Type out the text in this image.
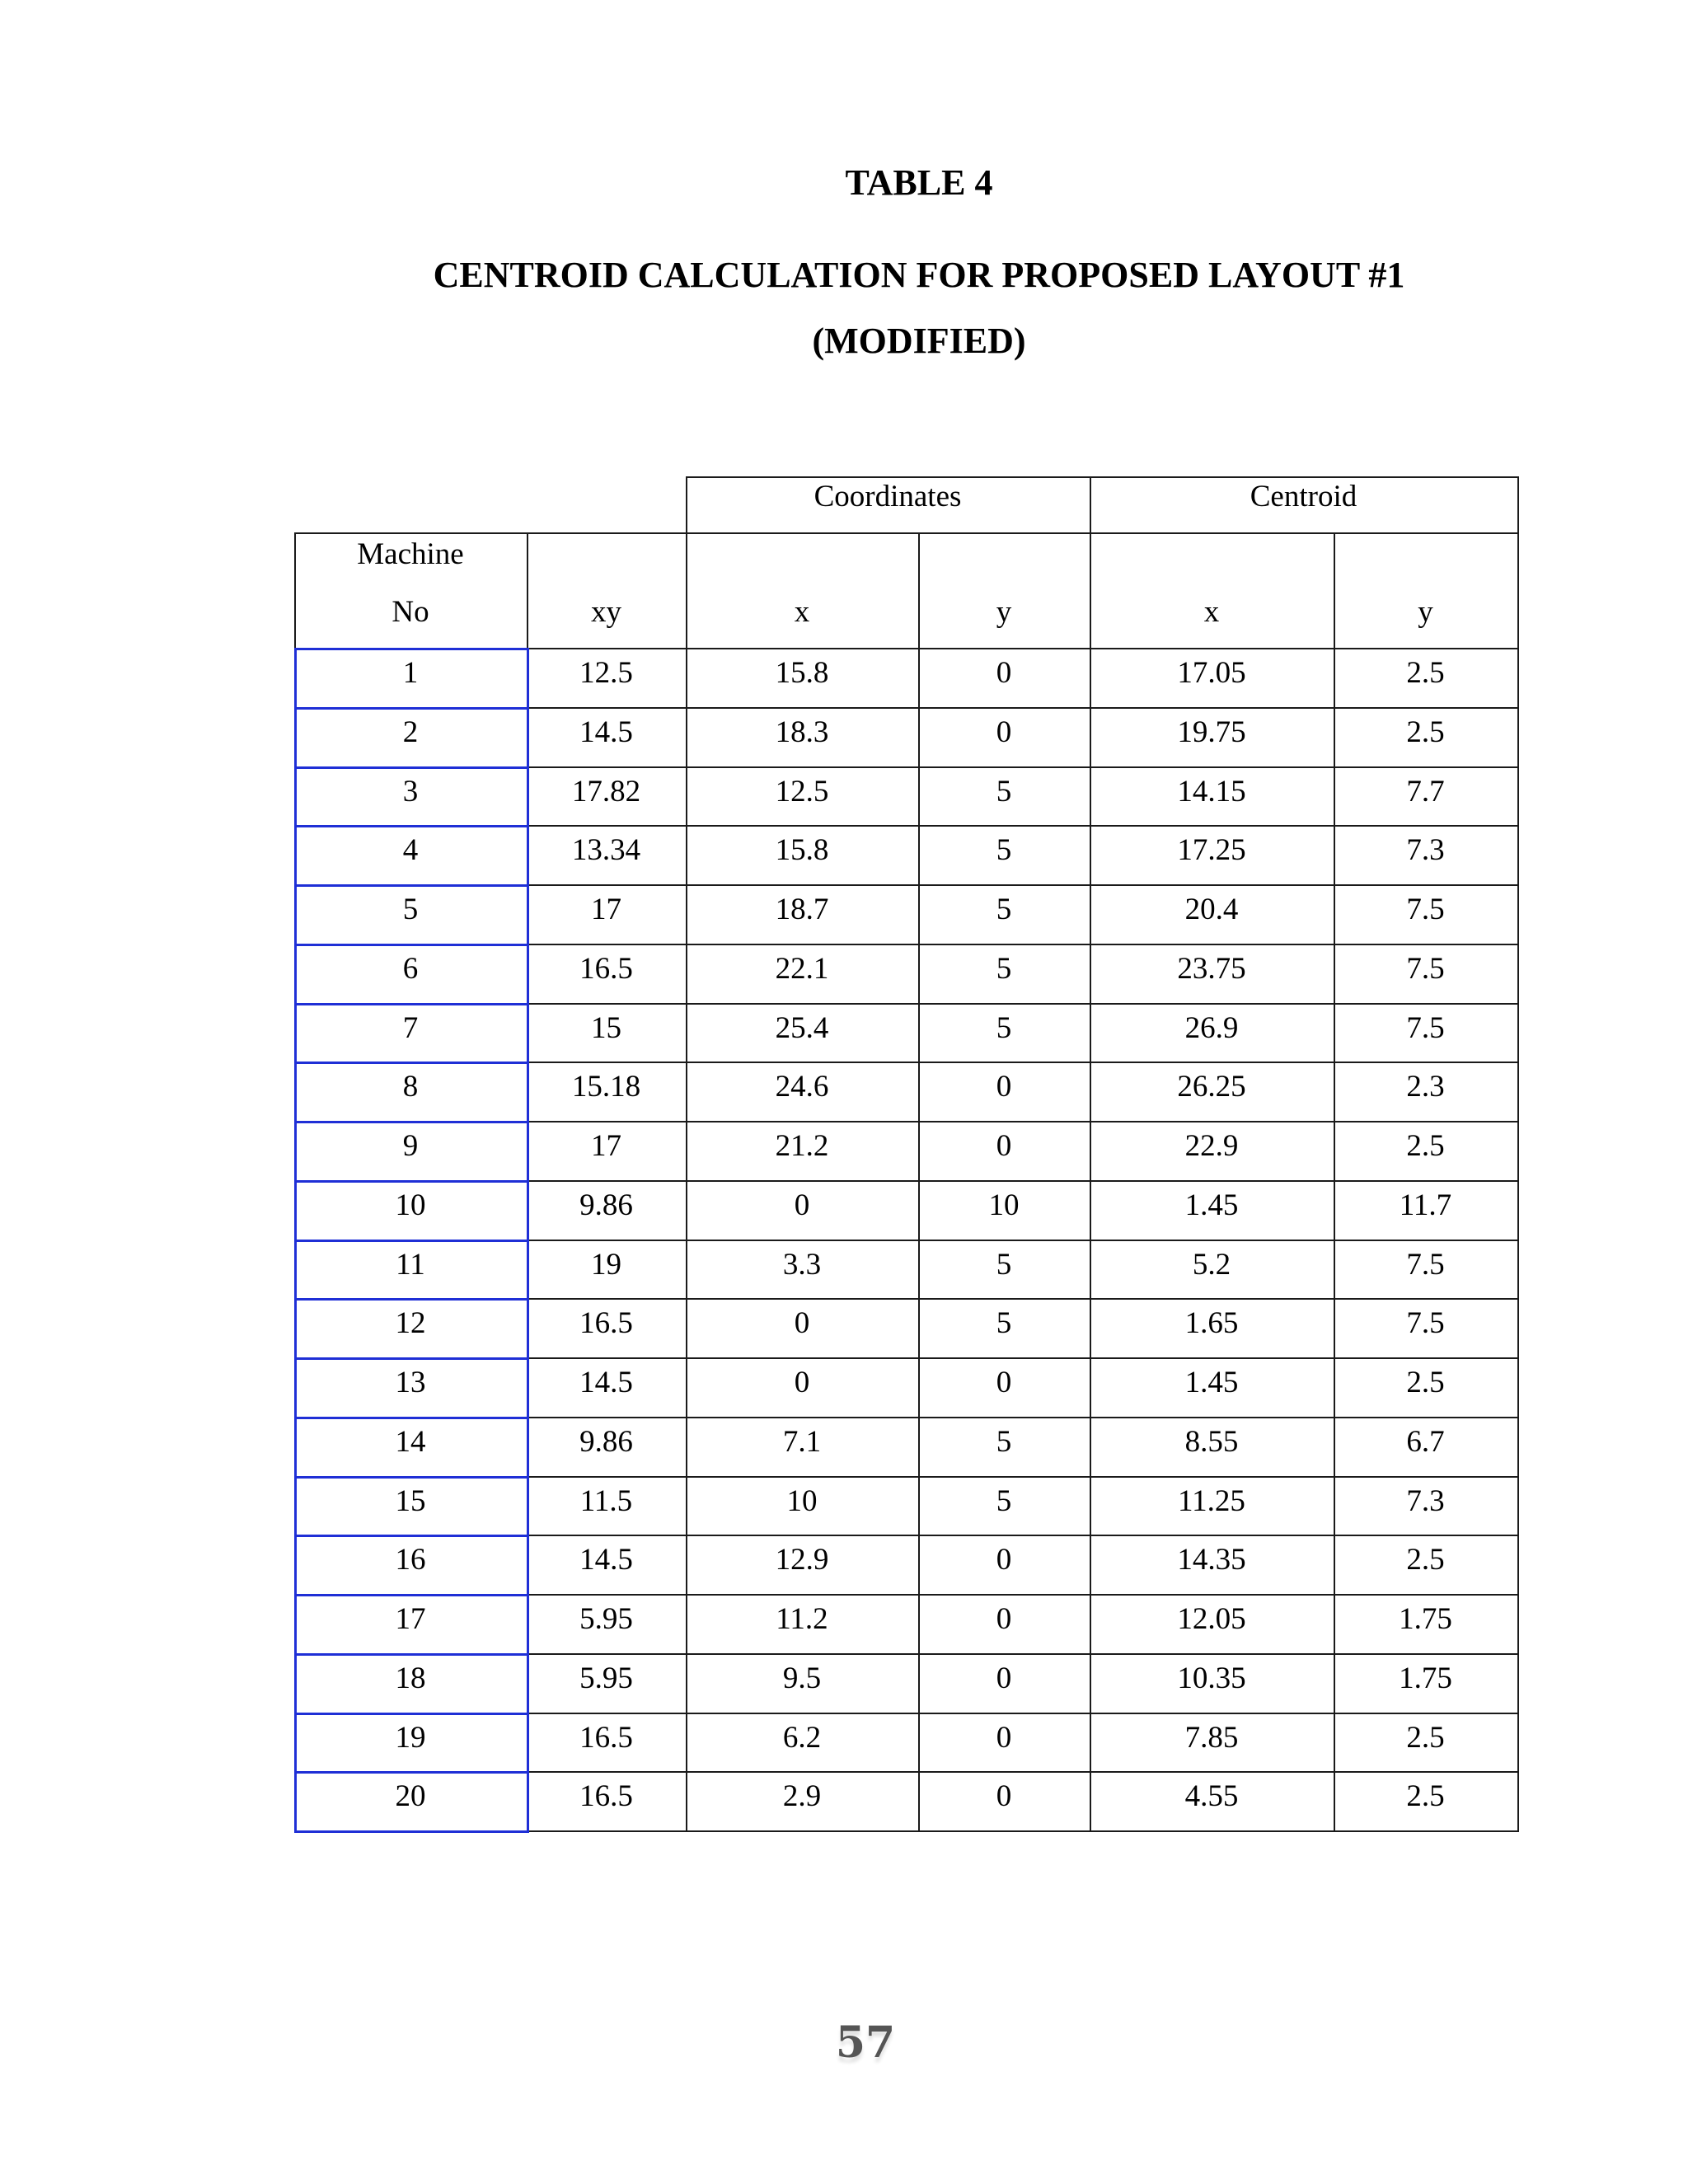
TABLE 4
CENTROID CALCULATION FOR PROPOSED LAYOUT #1
(MODIFIED)
Coordinates	Centroid
Machine
No	xy	x	y	x	y
1	12.5	15.8	0	17.05	2.5
2	14.5	18.3	0	19.75	2.5
3	17.82	12.5	5	14.15	7.7
4	13.34	15.8	5	17.25	7.3
5	17	18.7	5	20.4	7.5
6	16.5	22.1	5	23.75	7.5
7	15	25.4	5	26.9	7.5
8	15.18	24.6	0	26.25	2.3
9	17	21.2	0	22.9	2.5
10	9.86	0	10	1.45	11.7
11	19	3.3	5	5.2	7.5
12	16.5	0	5	1.65	7.5
13	14.5	0	0	1.45	2.5
14	9.86	7.1	5	8.55	6.7
15	11.5	10	5	11.25	7.3
16	14.5	12.9	0	14.35	2.5
17	5.95	11.2	0	12.05	1.75
18	5.95	9.5	0	10.35	1.75
19	16.5	6.2	0	7.85	2.5
20	16.5	2.9	0	4.55	2.5
57
